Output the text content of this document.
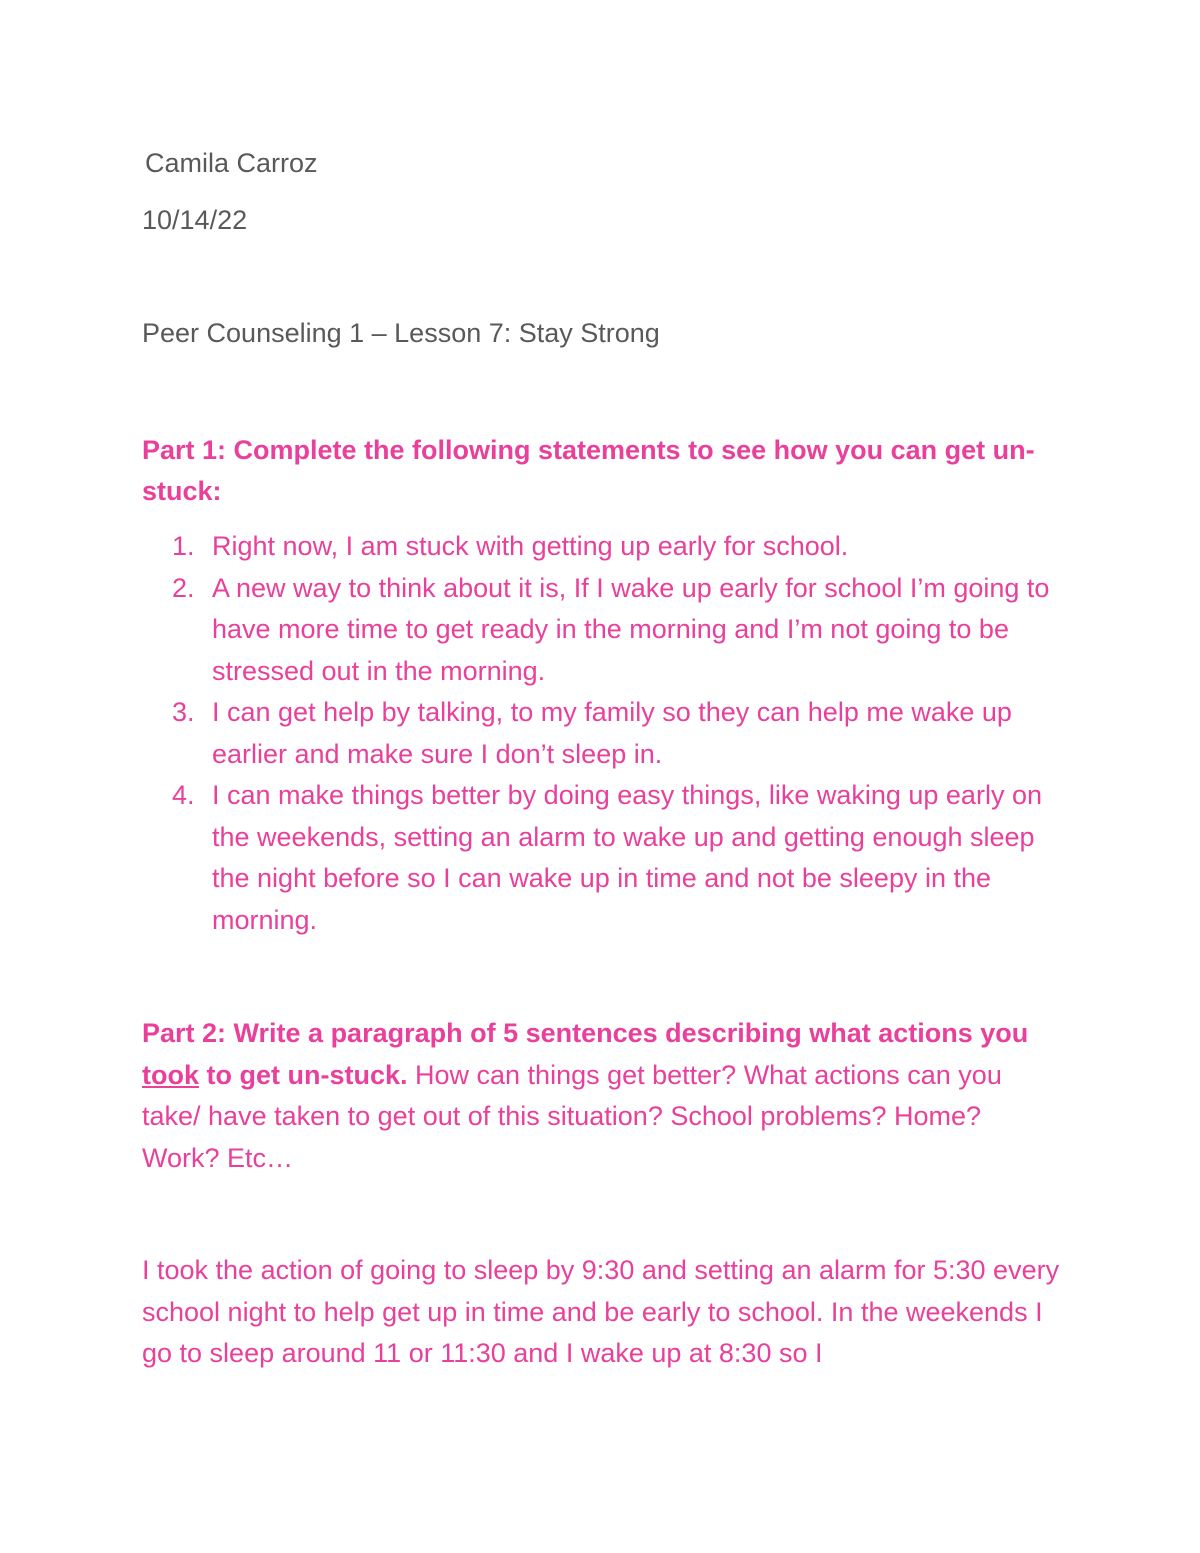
Camila Carroz
10/14/22
Peer Counseling 1 – Lesson 7: Stay Strong
Part 1: Complete the following statements to see how you can get un-stuck:
1. Right now, I am stuck with getting up early for school.
2. A new way to think about it is, If I wake up early for school I’m going to have more time to get ready in the morning and I’m not going to be stressed out in the morning.
3. I can get help by talking, to my family so they can help me wake up earlier and make sure I don’t sleep in.
4. I can make things better by doing easy things, like waking up early on the weekends, setting an alarm to wake up and getting enough sleep the night before so I can wake up in time and not be sleepy in the morning.
Part 2: Write a paragraph of 5 sentences describing what actions you took to get un-stuck. How can things get better? What actions can you take/ have taken to get out of this situation? School problems? Home? Work? Etc…
I took the action of going to sleep by 9:30 and setting an alarm for 5:30 every school night to help get up in time and be early to school. In the weekends I go to sleep around 11 or 11:30 and I wake up at 8:30 so I
